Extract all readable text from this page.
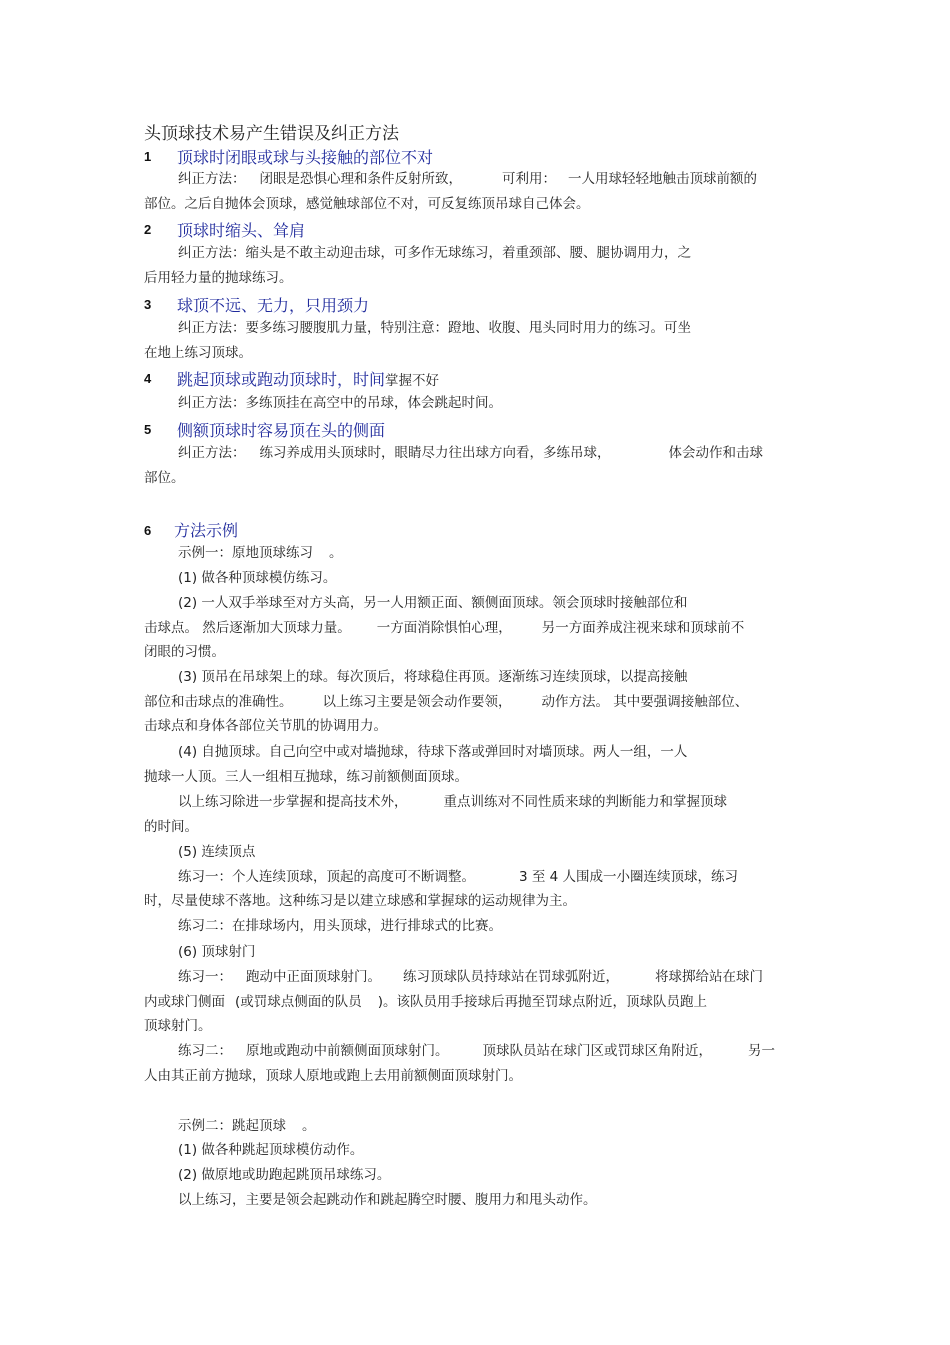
头顶球技术易产生错误及纠正方法
1 顶球时闭眼或球与头接触的部位不对
纠正方法： 闭眼是恐惧心理和条件反射所致，	可利用： 一人用球轻轻地触击顶球前额的
部位。之后自抛体会顶球，感觉触球部位不对，可反复练顶吊球自己体会。
2 顶球时缩头、耸肩
纠正方法：缩头是不敢主动迎击球，可多作无球练习，着重颈部、腰、腿协调用力，之
后用轻力量的抛球练习。
3 球顶不远、无力，只用颈力
纠正方法：要多练习腰腹肌力量，特别注意：蹬地、收腹、甩头同时用力的练习。可坐
在地上练习顶球。
4 跳起顶球或跑动顶球时，时间掌握不好
纠正方法：多练顶挂在高空中的吊球，体会跳起时间。
5 侧额顶球时容易顶在头的侧面
纠正方法： 练习养成用头顶球时，眼睛尽力往出球方向看，多练吊球，	体会动作和击球
部位。
6 方法示例
示例一：原地顶球练习 。
(1) 做各种顶球模仿练习。
(2) 一人双手举球至对方头高，另一人用额正面、额侧面顶球。领会顶球时接触部位和
击球点。 然后逐渐加大顶球力量。 一方面消除惧怕心理， 另一方面养成注视来球和顶球前不
闭眼的习惯。
(3) 顶吊在吊球架上的球。每次顶后，将球稳住再顶。逐渐练习连续顶球，以提高接触
部位和击球点的准确性。 以上练习主要是领会动作要领， 动作方法。 其中要强调接触部位、
击球点和身体各部位关节肌的协调用力。
(4) 自抛顶球。自己向空中或对墙抛球，待球下落或弹回时对墙顶球。两人一组，一人
抛球一人顶。三人一组相互抛球，练习前额侧面顶球。
以上练习除进一步掌握和提高技术外，	重点训练对不同性质来球的判断能力和掌握顶球
的时间。
(5) 连续顶点
练习一：个人连续顶球，顶起的高度可不断调整。	3 至 4 人围成一小圈连续顶球，练习
时，尽量使球不落地。这种练习是以建立球感和掌握球的运动规律为主。
练习二：在排球场内，用头顶球，进行排球式的比赛。
(6) 顶球射门
练习一： 跑动中正面顶球射门。 练习顶球队员持球站在罚球弧附近，	将球掷给站在球门
内或球门侧面 (或罚球点侧面的队员 )。该队员用手接球后再抛至罚球点附近，顶球队员跑上
顶球射门。
练习二： 原地或跑动中前额侧面顶球射门。	顶球队员站在球门区或罚球区角附近，	另一
人由其正前方抛球，顶球人原地或跑上去用前额侧面顶球射门。
示例二：跳起顶球 。
(1) 做各种跳起顶球模仿动作。
(2) 做原地或助跑起跳顶吊球练习。
以上练习，主要是领会起跳动作和跳起腾空时腰、腹用力和甩头动作。
